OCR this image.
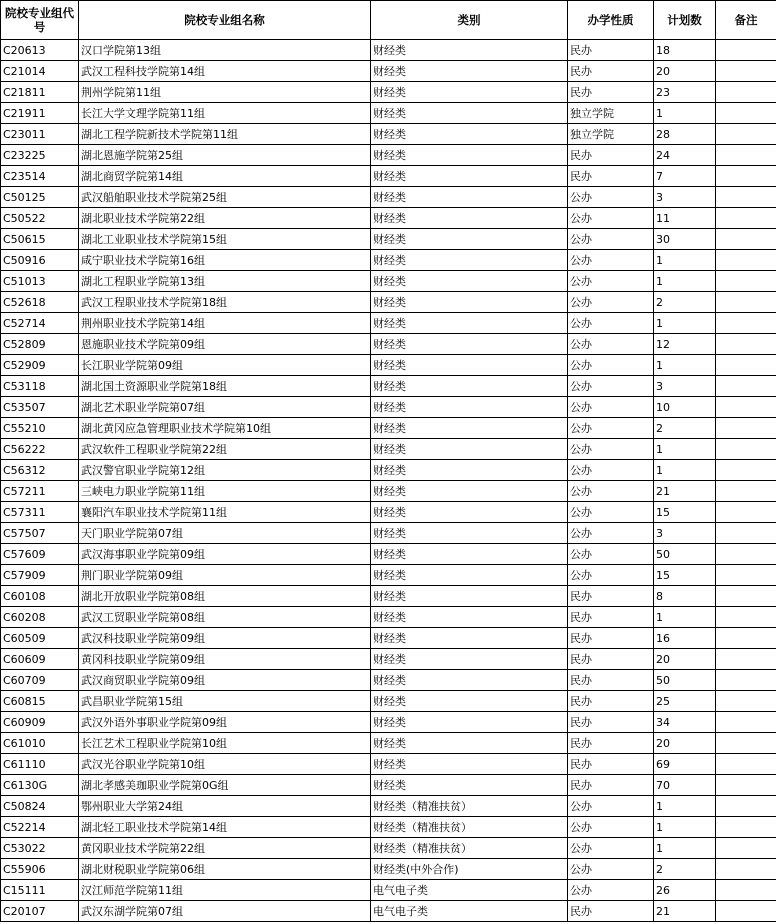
院校专业组代号	院校专业组名称	类别	办学性质	计划数	备注
C20613	汉口学院第13组	财经类	民办	18	
C21014	武汉工程科技学院第14组	财经类	民办	20	
C21811	荆州学院第11组	财经类	民办	23	
C21911	长江大学文理学院第11组	财经类	独立学院	1	
C23011	湖北工程学院新技术学院第11组	财经类	独立学院	28	
C23225	湖北恩施学院第25组	财经类	民办	24	
C23514	湖北商贸学院第14组	财经类	民办	7	
C50125	武汉船舶职业技术学院第25组	财经类	公办	3	
C50522	湖北职业技术学院第22组	财经类	公办	11	
C50615	湖北工业职业技术学院第15组	财经类	公办	30	
C50916	咸宁职业技术学院第16组	财经类	公办	1	
C51013	湖北工程职业学院第13组	财经类	公办	1	
C52618	武汉工程职业技术学院第18组	财经类	公办	2	
C52714	荆州职业技术学院第14组	财经类	公办	1	
C52809	恩施职业技术学院第09组	财经类	公办	12	
C52909	长江职业学院第09组	财经类	公办	1	
C53118	湖北国土资源职业学院第18组	财经类	公办	3	
C53507	湖北艺术职业学院第07组	财经类	公办	10	
C55210	湖北黄冈应急管理职业技术学院第10组	财经类	公办	2	
C56222	武汉软件工程职业学院第22组	财经类	公办	1	
C56312	武汉警官职业学院第12组	财经类	公办	1	
C57211	三峡电力职业学院第11组	财经类	公办	21	
C57311	襄阳汽车职业技术学院第11组	财经类	公办	15	
C57507	天门职业学院第07组	财经类	公办	3	
C57609	武汉海事职业学院第09组	财经类	公办	50	
C57909	荆门职业学院第09组	财经类	公办	15	
C60108	湖北开放职业学院第08组	财经类	民办	8	
C60208	武汉工贸职业学院第08组	财经类	民办	1	
C60509	武汉科技职业学院第09组	财经类	民办	16	
C60609	黄冈科技职业学院第09组	财经类	民办	20	
C60709	武汉商贸职业学院第09组	财经类	民办	50	
C60815	武昌职业学院第15组	财经类	民办	25	
C60909	武汉外语外事职业学院第09组	财经类	民办	34	
C61010	长江艺术工程职业学院第10组	财经类	民办	20	
C61110	武汉光谷职业学院第10组	财经类	民办	69	
C6130G	湖北孝感美珈职业学院第0G组	财经类	民办	70	
C50824	鄂州职业大学第24组	财经类（精准扶贫）	公办	1	
C52214	湖北轻工职业技术学院第14组	财经类（精准扶贫）	公办	1	
C53022	黄冈职业技术学院第22组	财经类（精准扶贫）	公办	1	
C55906	湖北财税职业学院第06组	财经类(中外合作)	公办	2	
C15111	汉江师范学院第11组	电气电子类	公办	26	
C20107	武汉东湖学院第07组	电气电子类	民办	21	
